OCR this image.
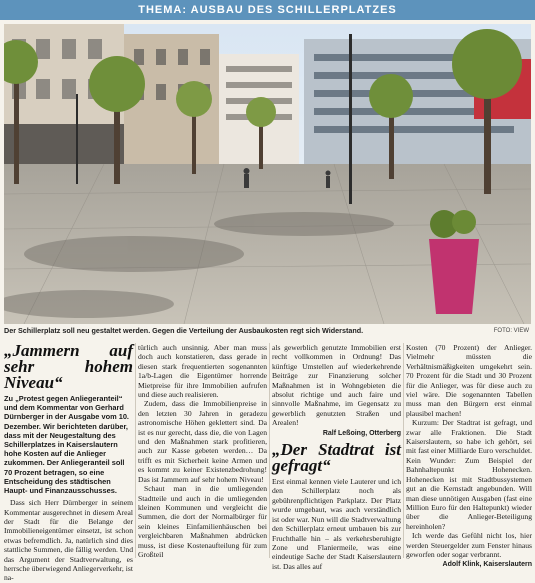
THEMA: AUSBAU DES SCHILLERPLATZES
Der Schillerplatz soll neu gestaltet werden. Gegen die Verteilung der Ausbaukosten regt sich Widerstand.	FOTO: VIEW
„Jammern auf sehr hohem Niveau“
Zu „Protest gegen Anliegeranteil“ und dem Kommentar von Gerhard Dürnberger in der Ausgabe vom 10. Dezember. Wir berichteten darüber, dass mit der Neugestaltung des Schillerplatzes in Kaiserslautern hohe Kosten auf die Anlieger zukommen. Der Anliegeranteil soll 70 Prozent betragen, so eine Entscheidung des städtischen Haupt- und Finanzausschusses.

Dass sich Herr Dürnberger in seinem Kommentar ausgerechnet in diesem Areal der Stadt für die Belange der Immobilieneigentümer einsetzt, ist schon etwas befremdlich. Ja, natürlich sind dies stattliche Summen, die fällig werden. Und das Argument der Stadtverwaltung, es herrsche überwiegend Anliegerverkehr, ist na-

türlich auch unsinnig. Aber man muss doch auch konstatieren, dass gerade in diesen stark frequentierten sogenannten 1a/b-Lagen die Eigentümer horrende Mietpreise für ihre Immobilien aufrufen und diese auch realisieren.

Zudem, dass die Immobilienpreise in den letzten 30 Jahren in geradezu astronomische Höhen geklettert sind. Da ist es nur gerecht, dass die, die von Lagen und den Maßnahmen stark profitieren, auch zur Kasse gebeten werden… Da trifft es mit Sicherheit keine Armen und es kommt zu keiner Existenzbedrohung! Das ist Jammern auf sehr hohem Niveau!

Schaut man in die umliegenden Stadtteile und auch in die umliegenden kleinen Kommunen und vergleicht die Summen, die dort der Normalbürger für sein kleines Einfamilienhäuschen bei vergleichbaren Maßnahmen abdrücken muss, ist diese Kostenaufteilung für zum Großteil

als gewerblich genutzte Immobilien erst recht vollkommen in Ordnung! Das künftige Umstellen auf wiederkehrende Beiträge zur Finanzierung solcher Maßnahmen ist in Wohngebieten die absolut richtige und auch faire und sinnvolle Maßnahme, im Gegensatz zu gewerblich genutzten Straßen und Arealen!

Ralf Leßoing, Otterberg
„Der Stadtrat ist gefragt“

Erst einmal kennen viele Lauterer und ich den Schillerplatz noch als gebührenpflichtigen Parkplatz. Der Platz wurde umgebaut, was auch verständlich ist oder war. Nun will die Stadtverwaltung den Schillerplatz erneut umbauen bis zur Fruchthalle hin – als verkehrsberuhigte Zone und Flaniermeile, was eine eindeutige Sache der Stadt Kaiserslautern ist. Das alles auf

Kosten (70 Prozent) der Anlieger. Vielmehr müssten die Verhältnismäßigkeiten umgekehrt sein. 70 Prozent für die Stadt und 30 Prozent für die Anlieger, was für diese auch zu viel wäre. Die sogenannten Tabellen muss man den Bürgern erst einmal plausibel machen!

Kurzum: Der Stadtrat ist gefragt, und zwar alle Fraktionen. Die Stadt Kaiserslautern, so habe ich gehört, sei mit fast einer Milliarde Euro verschuldet. Kein Wunder: Zum Beispiel der Bahnhaltepunkt Hohenecken. Hohenecken ist mit Stadtbussystemen gut an die Kernstadt angebunden. Will man diese unnötigen Ausgaben (fast eine Million Euro für den Haltepunkt) wieder über die Anlieger-Beteiligung hereinholen?

Ich werde das Gefühl nicht los, hier werden Steuergelder zum Fenster hinaus geworfen oder sogar verbrannt.

Adolf Klink, Kaiserslautern
